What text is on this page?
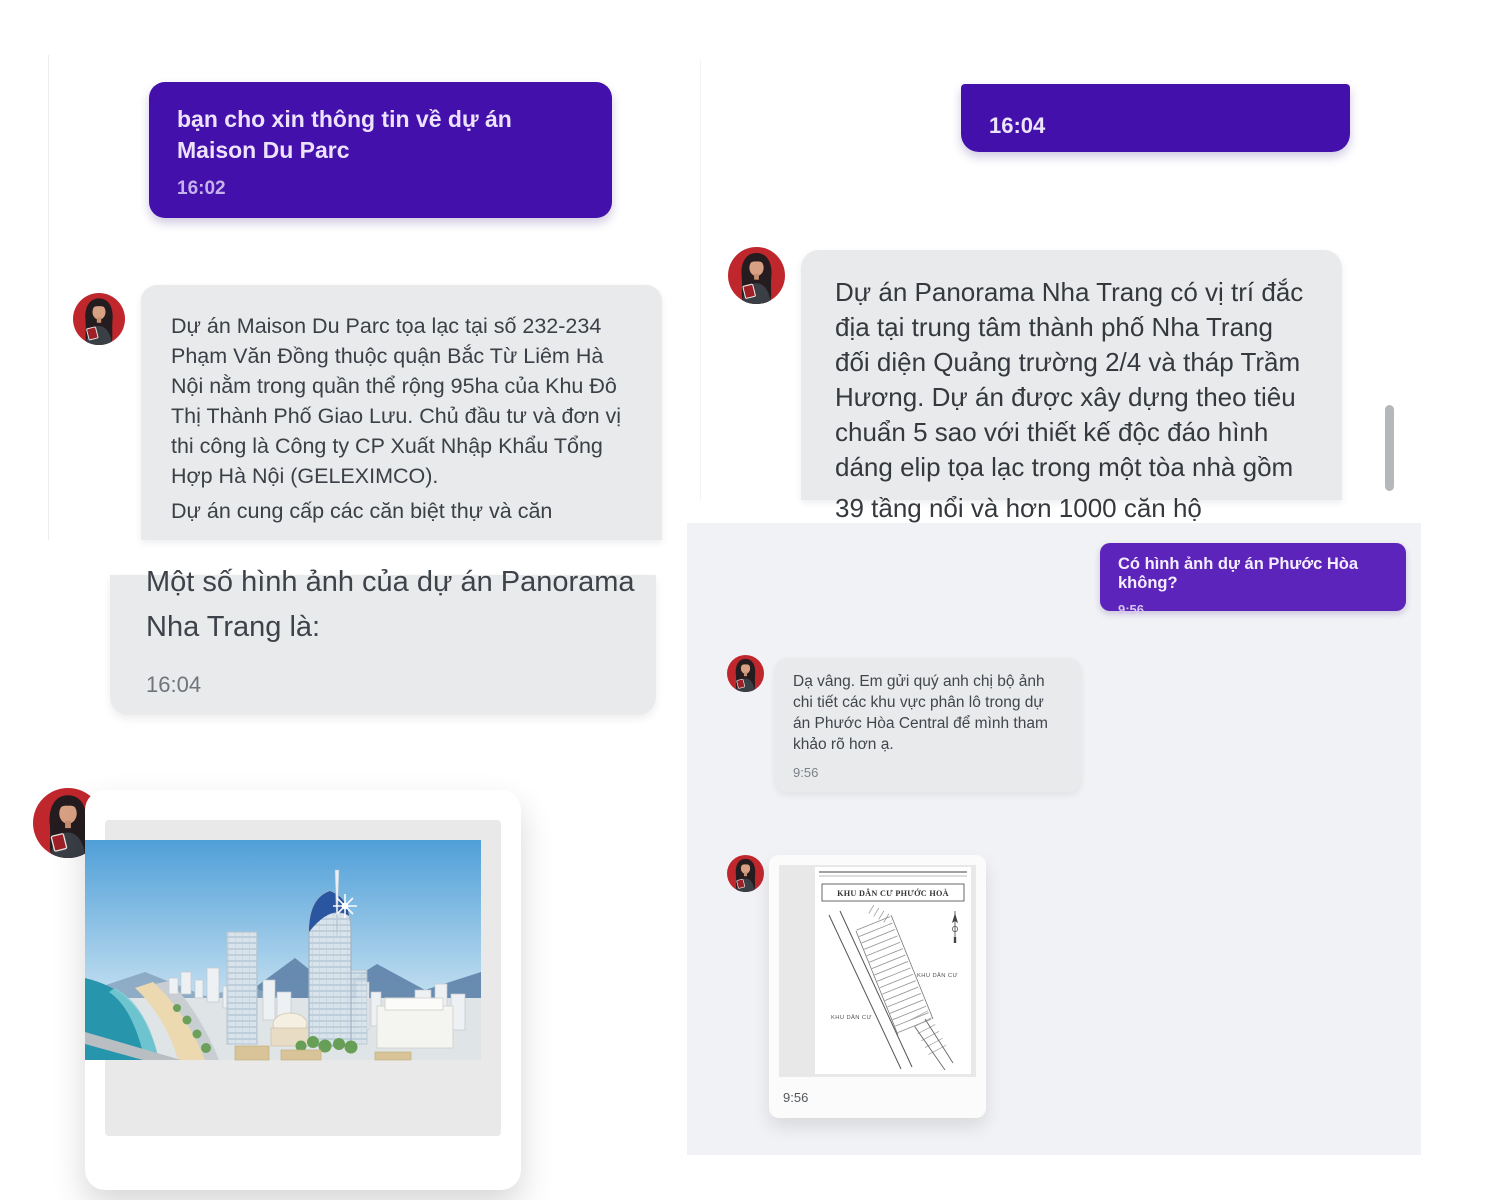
bạn cho xin thông tin về dự án Maison Du Parc
16:02
Dự án Maison Du Parc tọa lạc tại số 232-234 Phạm Văn Đồng thuộc quận Bắc Từ Liêm Hà Nội nằm trong quần thể rộng 95ha của Khu Đô Thị Thành Phố Giao Lưu. Chủ đầu tư và đơn vị thi công là Công ty CP Xuất Nhập Khẩu Tổng Hợp Hà Nội (GELEXIMCO).
Dự án cung cấp các căn biệt thự và căn
16:04
Dự án Panorama Nha Trang có vị trí đắc địa tại trung tâm thành phố Nha Trang đối diện Quảng trường 2/4 và tháp Trầm Hương. Dự án được xây dựng theo tiêu chuẩn 5 sao với thiết kế độc đáo hình dáng elip tọa lạc trong một tòa nhà gồm
39 tầng nổi và hơn 1000 căn hộ
Một số hình ảnh của dự án Panorama
Nha Trang là:
16:04
Có hình ảnh dự án Phước Hòa không?
9:56
Dạ vâng. Em gửi quý anh chị bộ ảnh chi tiết các khu vực phân lô trong dự án Phước Hòa Central để mình tham khảo rõ hơn ạ.
9:56
KHU DÂN CƯ PHƯỚC HOÀ
KHU DÂN CƯ
KHU DÂN CƯ
9:56
